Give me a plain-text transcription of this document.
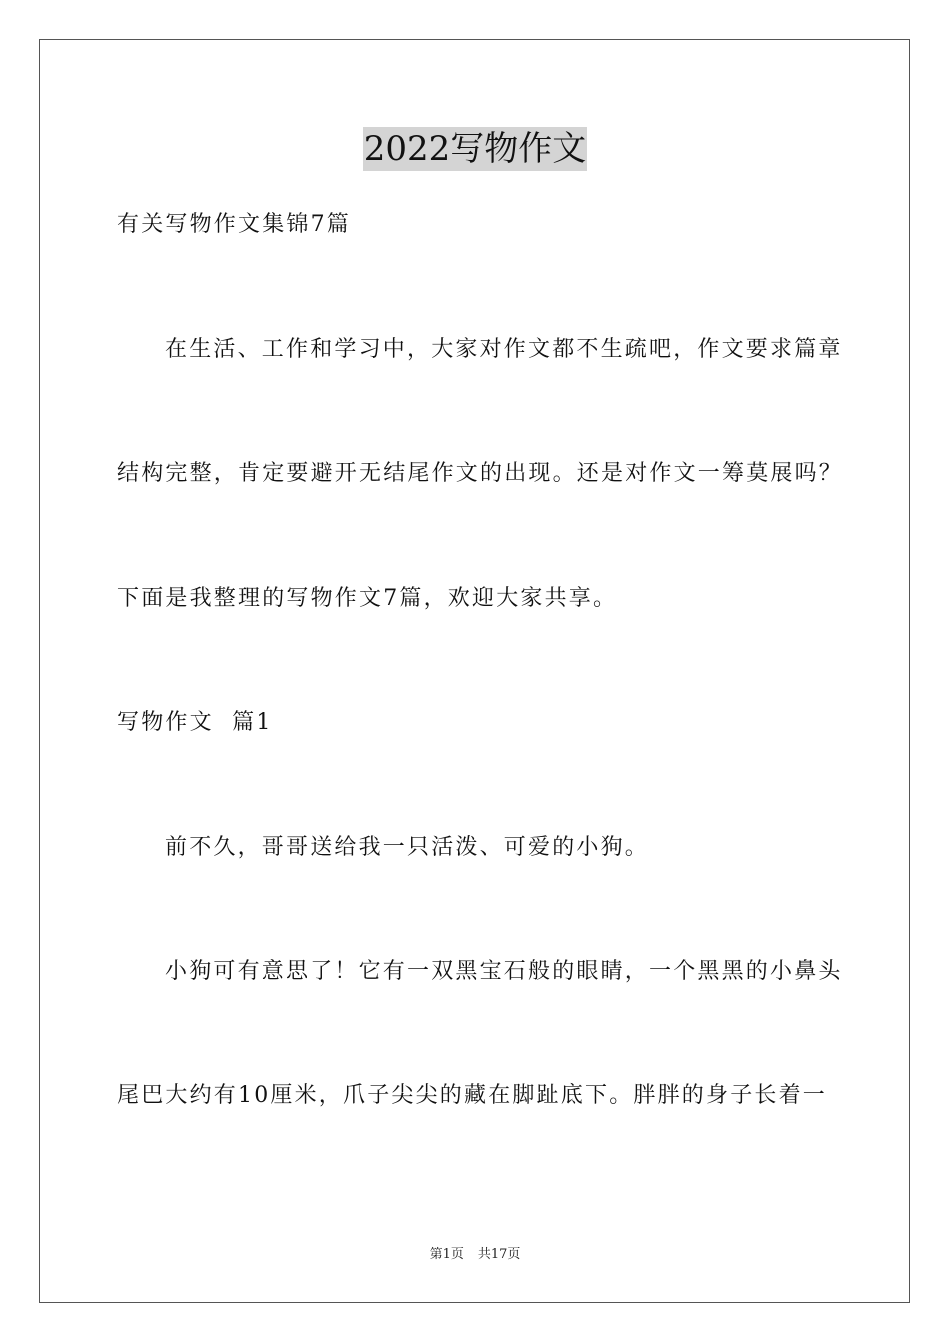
2022写物作文
有关写物作文集锦7篇
在生活、工作和学习中，大家对作文都不生疏吧，作文要求篇章
结构完整，肯定要避开无结尾作文的出现。还是对作文一筹莫展吗？
下面是我整理的写物作文7篇，欢迎大家共享。
写物作文  篇1
前不久，哥哥送给我一只活泼、可爱的小狗。
小狗可有意思了！它有一双黑宝石般的眼睛，一个黑黑的小鼻头
尾巴大约有10厘米，爪子尖尖的藏在脚趾底下。胖胖的身子长着一
第1页 共17页
